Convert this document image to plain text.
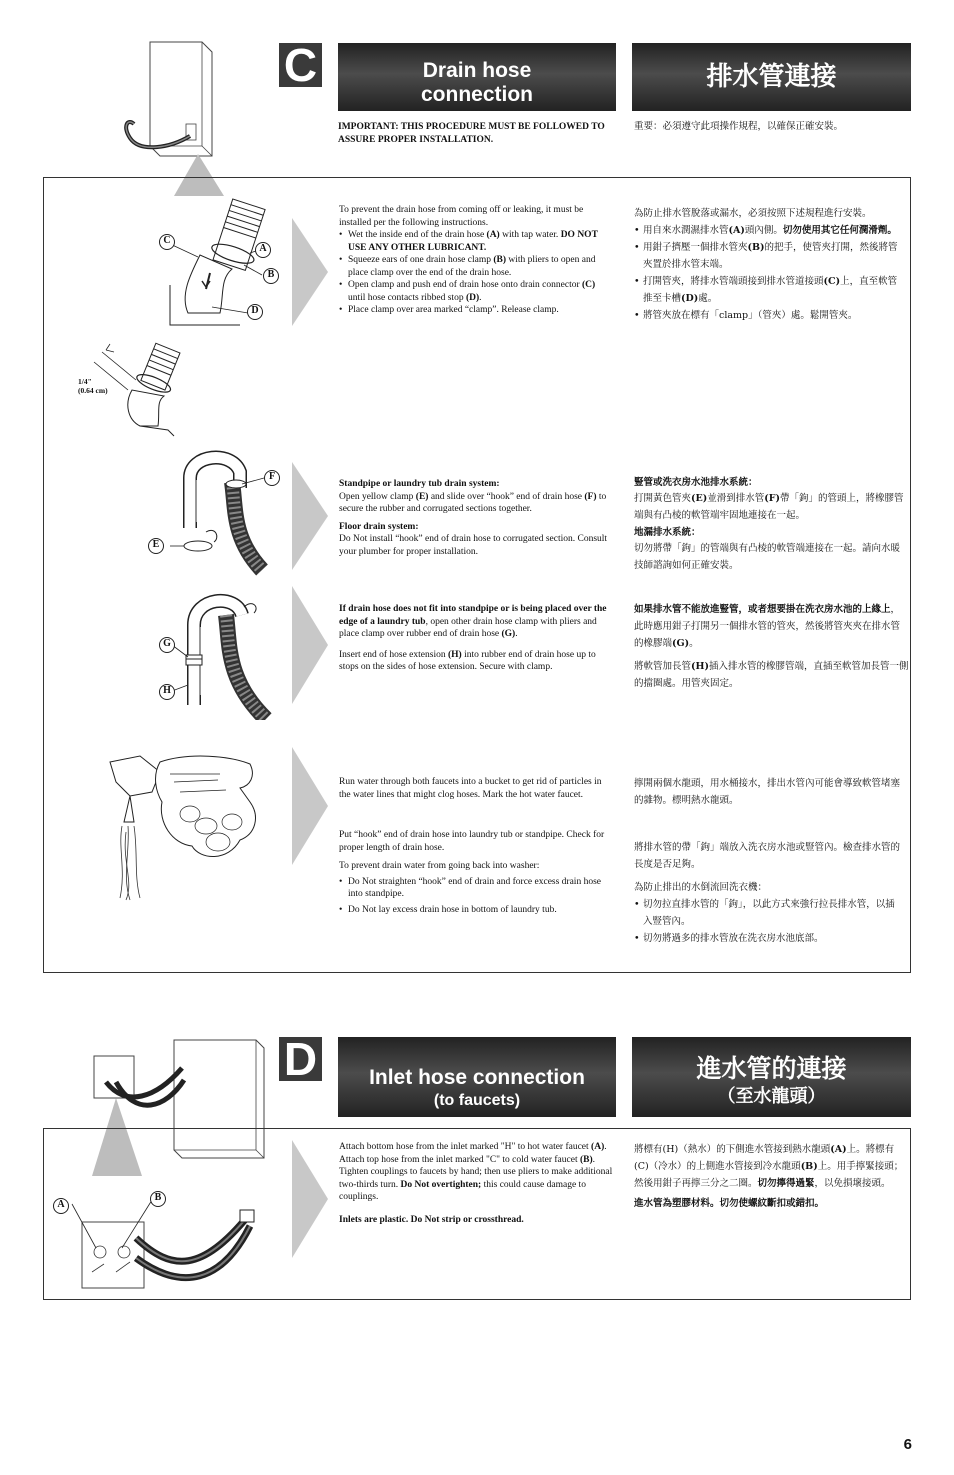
C	Drain hose
connection
排水管連接
IMPORTANT: THIS PROCEDURE MUST BE FOLLOWED TO ASSURE PROPER INSTALLATION.
重要：必須遵守此項操作規程，以確保正確安裝。
C
A
B
D
1/4"
(0.64 cm)

To prevent the drain hose from coming off or leaking, it must be installed per the following instructions.

• Wet the inside end of the drain hose (A) with tap water. DO NOT USE ANY OTHER LUBRICANT.
• Squeeze ears of one drain hose clamp (B) with pliers to open and place clamp over the end of the drain hose.
• Open clamp and push end of drain hose onto drain connector (C) until hose contacts ribbed stop (D).
• Place clamp over area marked “clamp”. Release clamp.

為防止排水管脫落或漏水，必須按照下述規程進行安裝。

• 用自來水潤濕排水管(A)頭內側。切勿使用其它任何潤滑劑。
• 用鉗子擠壓一個排水管夾(B)的把手，使管夾打開，然後將管夾置於排水管末端。
• 打開管夾，將排水管端頭接到排水管道接頭(C)上，直至軟管推至卡槽(D)處。
• 將管夾放在標有「clamp」（管夾）處。鬆開管夾。
F
E

Standpipe or laundry tub drain system:

Open yellow clamp (E) and slide over “hook” end of drain hose (F) to secure the rubber and corrugated sections together.

Floor drain system:

Do Not install “hook” end of drain hose to corrugated section. Consult your plumber for proper installation.

豎管或洗衣房水池排水系統：

打開黃色管夾(E)並滑到排水管(F)帶「鉤」的管頭上，將橡膠管端與有凸棱的軟管端牢固地連接在一起。

地漏排水系統：

切勿將帶「鉤」的管端與有凸棱的軟管端連接在一起。請向水暖技師諮詢如何正確安裝。

G
H

If drain hose does not fit into standpipe or is being placed over the edge of a laundry tub, open other drain hose clamp with pliers and place clamp over rubber end of drain hose (G).

Insert end of hose extension (H) into rubber end of drain hose up to stops on the sides of hose extension. Secure with clamp.

如果排水管不能放進豎管，或者想要掛在洗衣房水池的上緣上，此時應用鉗子打開另一個排水管的管夾，然後將管夾夾在排水管的橡膠端(G)。

將軟管加長管(H)插入排水管的橡膠管端，直插至軟管加長管一側的擋圈處。用管夾固定。

Run water through both faucets into a bucket to get rid of particles in the water lines that might clog hoses. Mark the hot water faucet.

Put “hook” end of drain hose into laundry tub or standpipe. Check for proper length of drain hose.

To prevent drain water from going back into washer:

• Do Not straighten “hook” end of drain and force excess drain hose into standpipe.
• Do Not lay excess drain hose in bottom of laundry tub.

擰開兩個水龍頭，用水桶接水，排出水管內可能會導致軟管堵塞的雜物。標明熱水龍頭。

將排水管的帶「鉤」端放入洗衣房水池或豎管內。檢查排水管的長度是否足夠。

為防止排出的水倒流回洗衣機：

• 切勿拉直排水管的「鉤」，以此方式來強行拉長排水管，以插入豎管內。
• 切勿將過多的排水管放在洗衣房水池底部。
D	Inlet hose connection
(to faucets)
進水管的連接
（至水龍頭）
A
B

Attach bottom hose from the inlet marked "H" to hot water faucet (A). Attach top hose from the inlet marked "C" to cold water faucet (B). Tighten couplings to faucets by hand; then use pliers to make additional two-thirds turn. Do Not overtighten; this could cause damage to couplings.

Inlets are plastic. Do Not strip or crossthread.

將標有(H)（熱水）的下側進水管接到熱水龍頭(A)上。將標有(C)（冷水）的上側進水管接到冷水龍頭(B)上。用手擰緊接頭；然後用鉗子再擰三分之二圈。切勿擰得過緊，以免損壞接頭。

進水管為塑膠材料。切勿使螺紋斷扣或錯扣。

6
